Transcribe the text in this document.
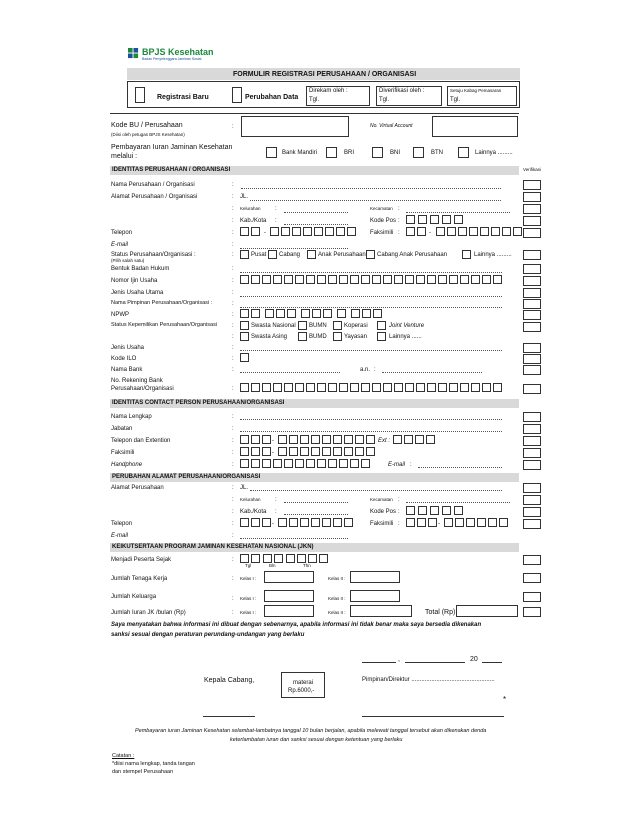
BPJS Kesehatan
Badan Penyelenggara Jaminan Sosial
FORMULIR REGISTRASI PERUSAHAAN / ORGANISASI
Registrasi Baru	Perubahan Data
Direkam oleh :
Tgl.
Diverifikasi oleh :
Tgl.
Setuju Kabag Pemasaran
Tgl.
Kode BU / Perusahaan
(Diisi oleh petugas BPJS Kesehatan)
:	No. Virtual Account
Pembayaran Iuran Jaminan Kesehatan
melalui :	Bank Mandiri	BRI	BNI	BTN	Lainnya .........
IDENTITAS PERUSAHAAN / ORGANISASI	Verifikasi
Nama Perusahaan / Organisasi	:
Alamat Perusahaan / Organisasi	: JL.
: Kelurahan :	Kecamatan :
: Kab./Kota :	Kode Pos :
Telepon	:	-	Faksimili :	-
E-mail	:
Status Perusahaan/Organisasi :
(Pilih salah satu)
:	Pusat Cabang	Anak Perusahaan Cabang Anak Perusahaan	Lainnya .........
Bentuk Badan Hukum	:
Nomor Ijin Usaha	:
Jenis Usaha Utama	:
Nama Pimpinan Perusahaan/Organisasi :	:
NPWP	:
Status Kepemilikan Perusahaan/Organisasi :	Swasta Nasional BUMN	Koperasi	Joint Venture
Swasta Asing	BUMD	Yayasan	Lainnya ......
:
Jenis Usaha	:
Kode ILO	:
Nama Bank	:	a.n. :
No. Rekening Bank
Perusahaan/Organisasi	:
IDENTITAS CONTACT PERSON PERUSAHAAN/ORGANISASI
Nama Lengkap	:
Jabatan	:
Telepon dan Extention	:	-	Ext :
Faksimili	:	-
Handphone	:	E-mail :
PERUBAHAN ALAMAT PERUSAHAAN/ORGANISASI
Alamat Perusahaan	: JL.
: Kelurahan :	Kecamatan :
: Kab./Kota :	Kode Pos :
Telepon	:	-	Faksimili :	-
E-mail	:
KEIKUTSERTAAN PROGRAM JAMINAN KESEHATAN NASIONAL (JKN)
Menjadi Peserta Sejak	:
Tgl	Bln	Thn
Jumlah Tenaga Kerja	: Kelas I :	Kelas II :
Jumlah Keluarga	: Kelas I :	Kelas II :
Jumlah Iuran JK /bulan (Rp)	: Kelas I :	Kelas II :	Total (Rp)
Saya menyatakan bahwa informasi ini dibuat dengan sebenarnya, apabila informasi ini tidak benar maka saya bersedia dikenakan
sanksi sesuai dengan peraturan perundang-undangan yang berlaku
,	20
Kepala Cabang,	materai
Rp.6000,-
Pimpinan/Direktur ..................................................
*
Pembayaran iuran Jaminan Kesehatan selambat-lambatnya tanggal 10 bulan berjalan, apabila melewati tanggal tersebut akan dikenakan denda
keterlambatan iuran dan sanksi sesuai dengan ketentuan yang berlaku
Catatan :
*diisi nama lengkap, tanda tangan
dan stempel Perusahaan
